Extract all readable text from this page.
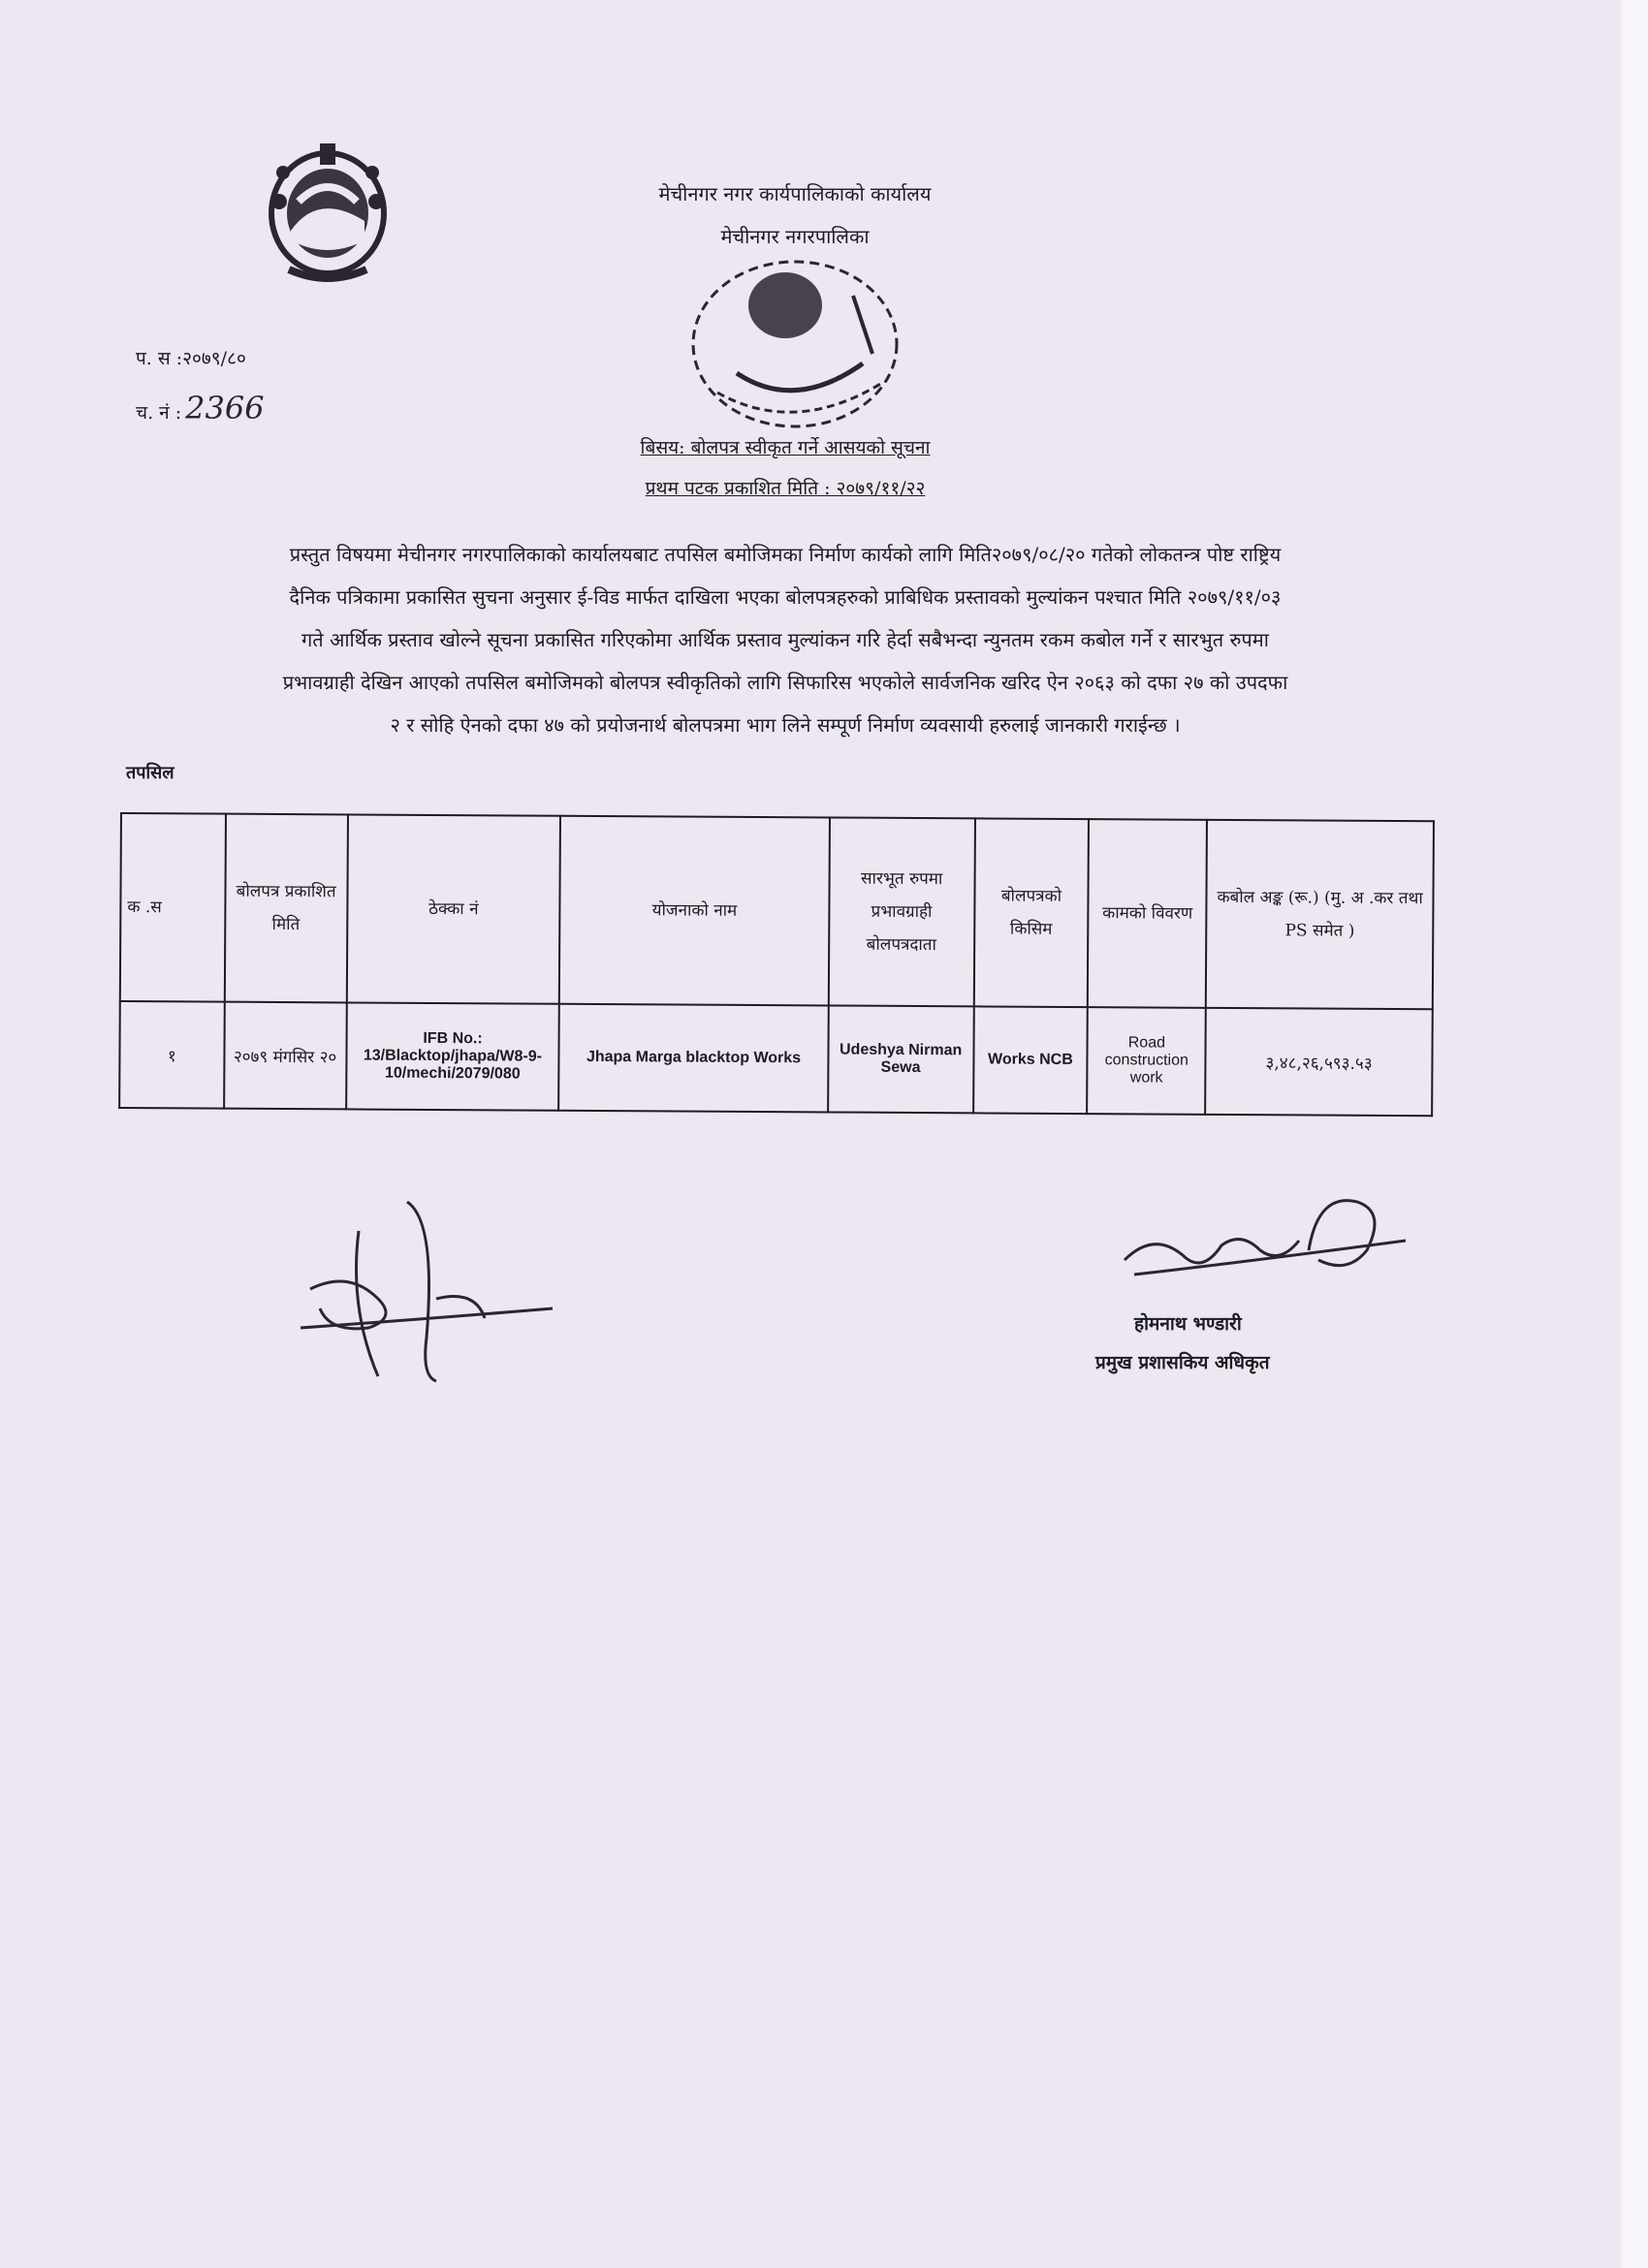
मेचीनगर नगर कार्यपालिकाको कार्यालय
मेचीनगर नगरपालिका
प. स :२०७९/८०
च. नं : 2366
बिसय: बोलपत्र स्वीकृत गर्ने आसयको सूचना
प्रथम पटक प्रकाशित मिति : २०७९/११/२२

प्रस्तुत विषयमा मेचीनगर नगरपालिकाको कार्यालयबाट तपसिल बमोजिमका निर्माण कार्यको लागि मिति२०७९/०८/२० गतेको लोकतन्त्र पोष्ट राष्ट्रिय

दैनिक पत्रिकामा प्रकासित सुचना अनुसार ई-विड मार्फत दाखिला भएका बोलपत्रहरुको प्राबिधिक प्रस्तावको मुल्यांकन पश्चात मिति २०७९/११/०३

गते आर्थिक प्रस्ताव खोल्ने सूचना प्रकासित गरिएकोमा आर्थिक प्रस्ताव मुल्यांकन गरि हेर्दा सबैभन्दा न्युनतम रकम कबोल गर्ने र सारभुत रुपमा

प्रभावग्राही देखिन आएको तपसिल बमोजिमको बोलपत्र स्वीकृतिको लागि सिफारिस भएकोले सार्वजनिक खरिद ऐन २०६३ को दफा २७ को उपदफा

२ र सोहि ऐनको दफा ४७ को प्रयोजनार्थ बोलपत्रमा भाग लिने सम्पूर्ण निर्माण व्यवसायी हरुलाई जानकारी गराईन्छ ।

तपसिल
क .स	बोलपत्र प्रकाशित मिति	ठेक्का नं	योजनाको नाम	सारभूत रुपमा प्रभावग्राही बोलपत्रदाता	बोलपत्रको किसिम	कामको विवरण	कबोल अङ्क (रू.) (मु. अ .कर तथा PS समेत )
१	२०७९ मंगसिर २०	IFB No.: 13/Blacktop/jhapa/W8-9-10/mechi/2079/080	Jhapa Marga blacktop Works	Udeshya Nirman Sewa	Works NCB	Road construction work	३,४८,२६,५९३.५३
होमनाथ भण्डारी
प्रमुख प्रशासकिय अधिकृत
